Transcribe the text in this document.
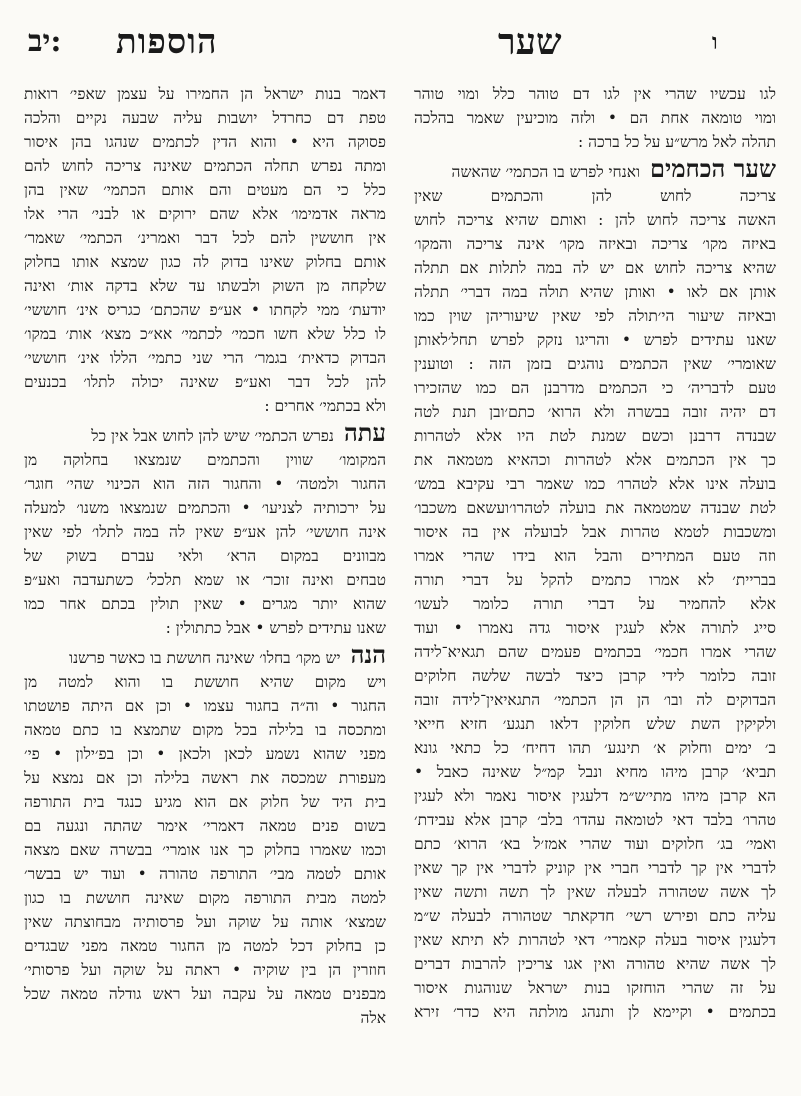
יב: הוספות	שער	ו
לגו עכשיו שהרי אין לגו דם טוהר כלל ומוי טוהר
ומוי טומאה אחת הם • ולזה מוכיעין שאמר בהלכה
תהלה לאל מרש״ע על כל ברכה :
שער הכחמיםואנחי לפרש בו הכתמי׳ שהאשה
צריכה לחוש להן והכתמים שאין
האשה צריכה לחוש להן : ואותם שהיא צריכה לחוש
באיזה מקו׳ צריכה ובאיזה מקו׳ אינה צריכה והמקו׳
שהיא צריכה לחוש אם יש לה במה לתלות אם תתלה
אותן אם לאו • ואותן שהיא תולה במה דברי׳ תתלה
ובאיזה שיעור הי׳תולה לפי שאין שיעוריהן שוין כמו
שאנו עתידים לפרש • והריגו נזקק לפרש תחל׳לאותן
שאומרי׳ שאין הכתמים נוהגים בזמן הזה : וטוענין
טעם לדבריה׳ כי הכתמים מדרבנן הם כמו שהזכירו
דם יהיה זובה בבשרה ולא הרוא׳ כתם׳ובן תנת לטה
שבנדה דרבנן וכשם שמנת לטת היו אלא לטהרות
כך אין הכתמים אלא לטהרות וכהאיא מטמאה את
בועלה אינו אלא לטהרו׳ כמו שאמר רבי עקיבא במש׳
לטת שבנדה שמטמאה את בועלה לטהרו׳ועשאם משכבו׳
ומשכבות לטמא טהרות אבל לבועלה אין בה איסור
וזה טעם המתירים והבל הוא בידו שהרי אמרו
בבריית׳ לא אמרו כתמים להקל על דברי תורה
אלא להחמיר על דברי תורה כלומר לעשו׳
סייג לתורה אלא לעגין איסור גדה נאמרו • ועוד
שהרי אמרו חכמי׳ בכתמים פעמים שהם תגאיא־לידה
זובה כלומר לידי קרבן כיצד לבשה שלשה חלוקים
הבדוקים לה ובו׳ הן הן הכתמי׳ התגאיאין־לידה זובה
ולקיקין השת שלש חלוקין דלאו תנגע׳ חזיא חייאי
ב׳ ימים וחלוק א׳ תינגע׳ תהו דחיח׳ כל כתאי גונא
תביא׳ קרבן מיהו מחיא ונבל קמ״ל שאינה כאבל •
הא קרבן מיהו מתי׳ש״מ דלעגין איסור נאמר ולא לעגין
טהרו׳ בלבד דאי לטומאה עהדו׳ בלב׳ קרבן אלא עבידת׳
ואמי׳ בג׳ חלוקים ועוד שהרי אמז׳ל בא׳ הרוא׳ כתם
לדברי אין קך לדברי חברי אין קוניק לדברי אין קך שאין
לך אשה שטהורה לבעלה שאין לך תשה ותשה שאין
עליה כתם ופירש רשי׳ חדקאתר שטהורה לבעלה ש״מ
דלעגין איסור בעלה קאמרי׳ דאי לטהרות לא תיתא שאין
לך אשה שהיא טהורה ואין אגו צריכין להרבות דברים
על זה שהרי הוחזקו בנות ישראל שנוהגות איסור
בכתמים • וקיימא לן ותנהג מולתה היא כדר׳ זירא
דאמר בנות ישראל הן החמירו על עצמן שאפי׳ רואות
טפת דם כחרדל יושבות עליה שבעה נקיים והלכה
פסוקה היא • והוא הדין לכתמים שנהגו בהן איסור
ומתה נפרש תחלה הכתמים שאינה צריכה לחוש להם
כלל כי הם מעטים והם אותם הכתמי׳ שאין בהן
מראה אדמימו׳ אלא שהם ירוקים או לבני׳ הרי אלו
אין חוששין להם לכל דבר ואמרינ׳ הכתמי׳ שאמר׳
אותם בחלוק שאינו בדוק לה כגון שמצא אותו בחלוק
שלקחה מן השוק ולבשתו עד שלא בדקה אות׳ ואינה
יודעת׳ ממי לקחתו • אע״פ שהכתם׳ כגריס אינ׳ חוששי׳
לו כלל שלא חשו חכמי׳ לכתמי׳ אא״כ מצא׳ אות׳ במקו׳
הבדוק כדאית׳ בגמר׳ הרי שני כתמי׳ הללו אינ׳ חוששי׳
להן לכל דבר ואע״פ שאינה יכולה לתלו׳ בכנעים
ולא בכתמי׳ אחרים :
עתהנפרש הכתמי׳ שיש להן לחוש אבל אין כל
המקומו׳ שווין והכתמים שנמצאו בחלוקה מן
החגור ולמטה׳ • והחגור הזה הוא הכינוי שהי׳ חוגר׳
על ירכותיה לצניעו׳ • והכתמים שנמצאו משנו׳ למעלה
אינה חוששי׳ להן אע״פ שאין לה במה לתלו׳ לפי שאין
מבוונים במקום הרא׳ ולאי עברם בשוק של
טבחים ואינה זוכר׳ או שמא תלכל׳ כשתעדבה ואע״פ
שהוא יותר מגרים • שאין תולין בכתם אחר כמו
שאנו עתידים לפרש • אבל כתתולין :
הנהיש מקו׳ בחלו׳ שאינה חוששת בו כאשר פרשנו
ויש מקום שהיא חוששת בו והוא למטה מן
החגור • וה״ה בחגור עצמו • וכן אם היתה פושטתו
ומתכסה בו בלילה בכל מקום שתמצא בו כתם טמאה
מפני שהוא נשמע לכאן ולכאן • וכן בפ׳ילון • פי׳
מעפורת שמכסה את ראשה בלילה וכן אם נמצא על
בית היד של חלוק אם הוא מגיע כנגד בית התורפה
בשום פנים טמאה דאמרי׳ אימר שהתה ונגעה בם
וכמו שאמרו בחלוק כך אנו אומרי׳ בבשרה שאם מצאה
אותם לטמה מבי׳ התורפה טהורה • ועוד יש בבשר׳
למטה מבית התורפה מקום שאינה חוששת בו כגון
שמצא׳ אותה על שוקה ועל פרסותיה מבחוצתה שאין
כן בחלוק דכל למטה מן החגור טמאה מפני שבגדים
חוזרין הן בין שוקיה • ראתה על שוקה ועל פרסותי׳
מבפנים טמאה על עקבה ועל ראש גודלה טמאה שכל
אלה
